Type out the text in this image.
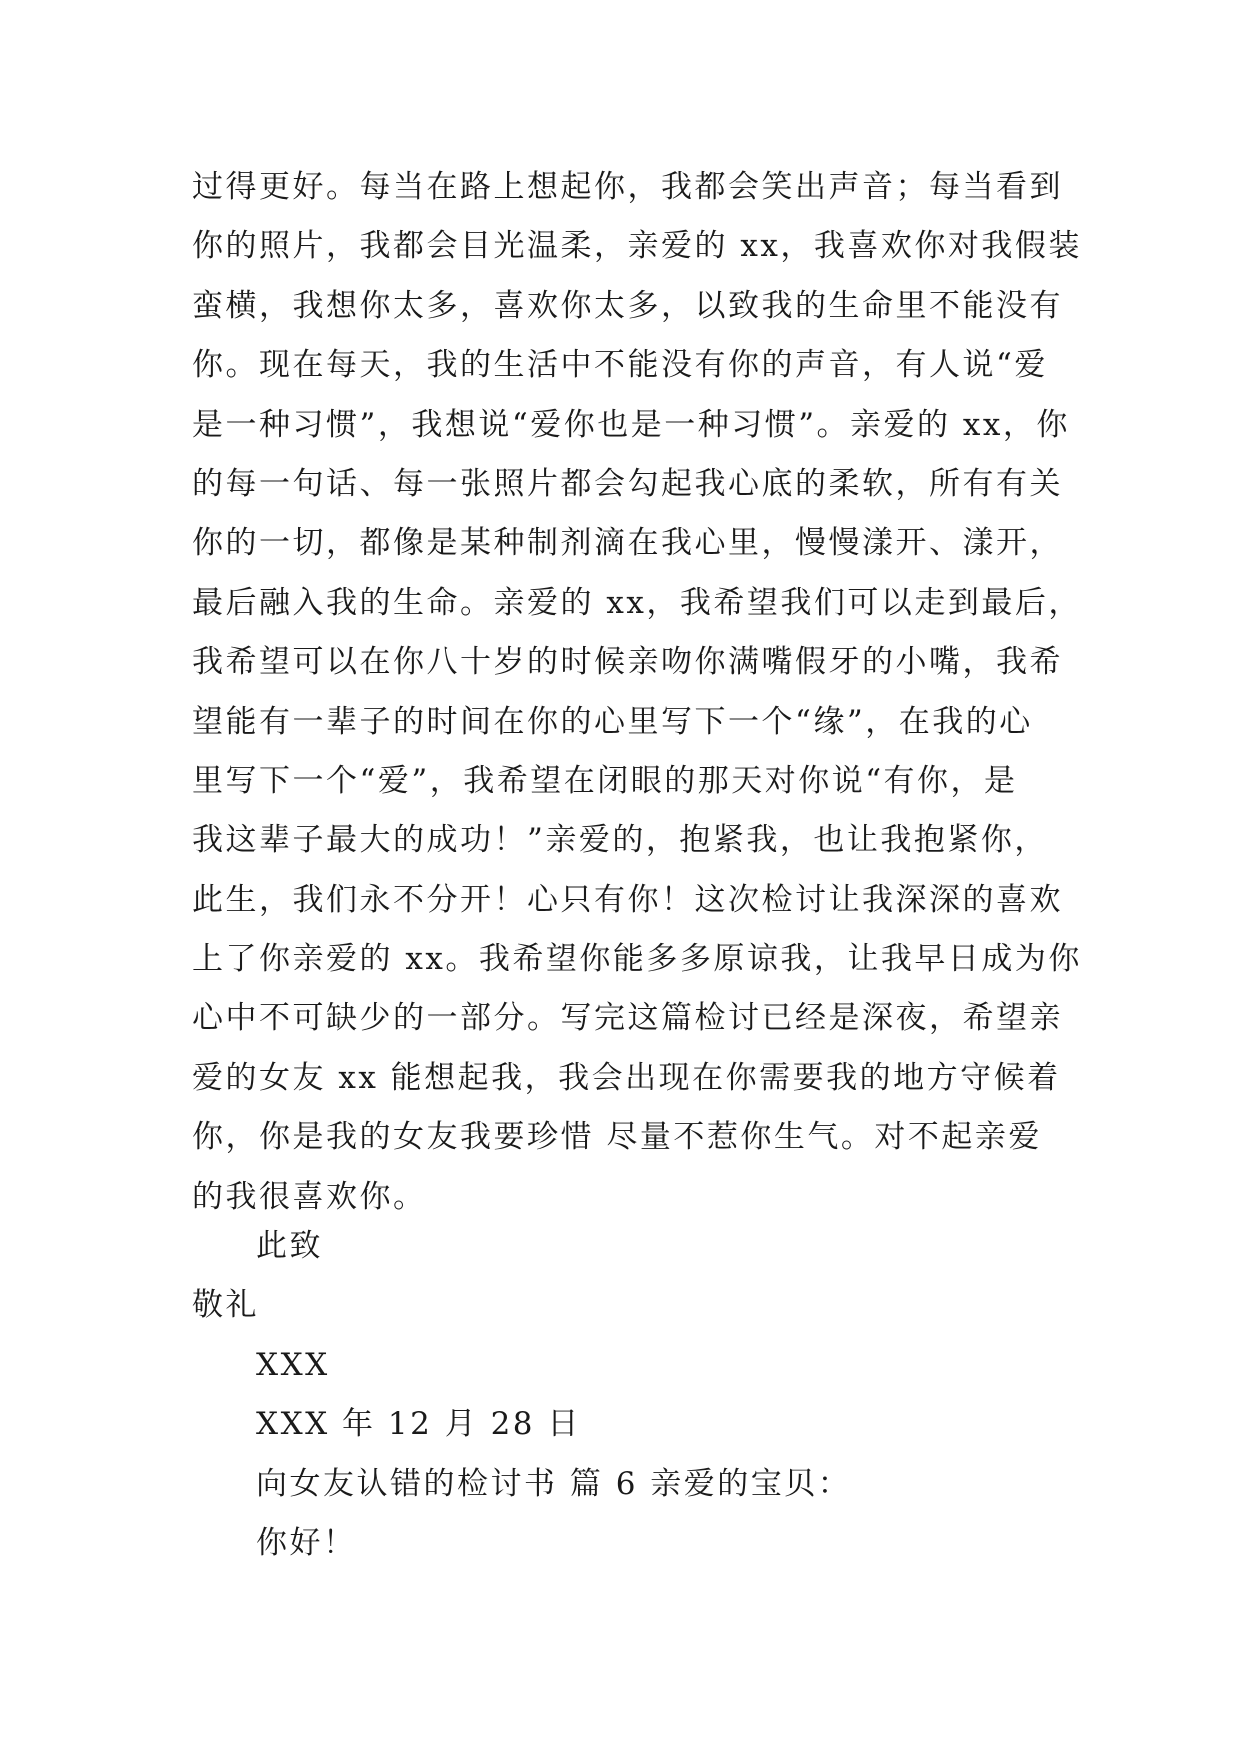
过得更好。每当在路上想起你，我都会笑出声音；每当看到
你的照片，我都会目光温柔，亲爱的 xx，我喜欢你对我假装
蛮横，我想你太多，喜欢你太多，以致我的生命里不能没有
你。现在每天，我的生活中不能没有你的声音，有人说“爱
是一种习惯”，我想说“爱你也是一种习惯”。亲爱的 xx，你
的每一句话、每一张照片都会勾起我心底的柔软，所有有关
你的一切，都像是某种制剂滴在我心里，慢慢漾开、漾开，
最后融入我的生命。亲爱的 xx，我希望我们可以走到最后，
我希望可以在你八十岁的时候亲吻你满嘴假牙的小嘴，我希
望能有一辈子的时间在你的心里写下一个“缘”，在我的心
里写下一个“爱”，我希望在闭眼的那天对你说“有你，是
我这辈子最大的成功！”亲爱的，抱紧我，也让我抱紧你，
此生，我们永不分开！心只有你！这次检讨让我深深的喜欢
上了你亲爱的 xx。我希望你能多多原谅我，让我早日成为你
心中不可缺少的一部分。写完这篇检讨已经是深夜，希望亲
爱的女友 xx 能想起我，我会出现在你需要我的地方守候着
你，你是我的女友我要珍惜 尽量不惹你生气。对不起亲爱
的我很喜欢你。
此致
敬礼
XXX
XXX 年 12 月 28 日
向女友认错的检讨书 篇 6 亲爱的宝贝：
你好！
